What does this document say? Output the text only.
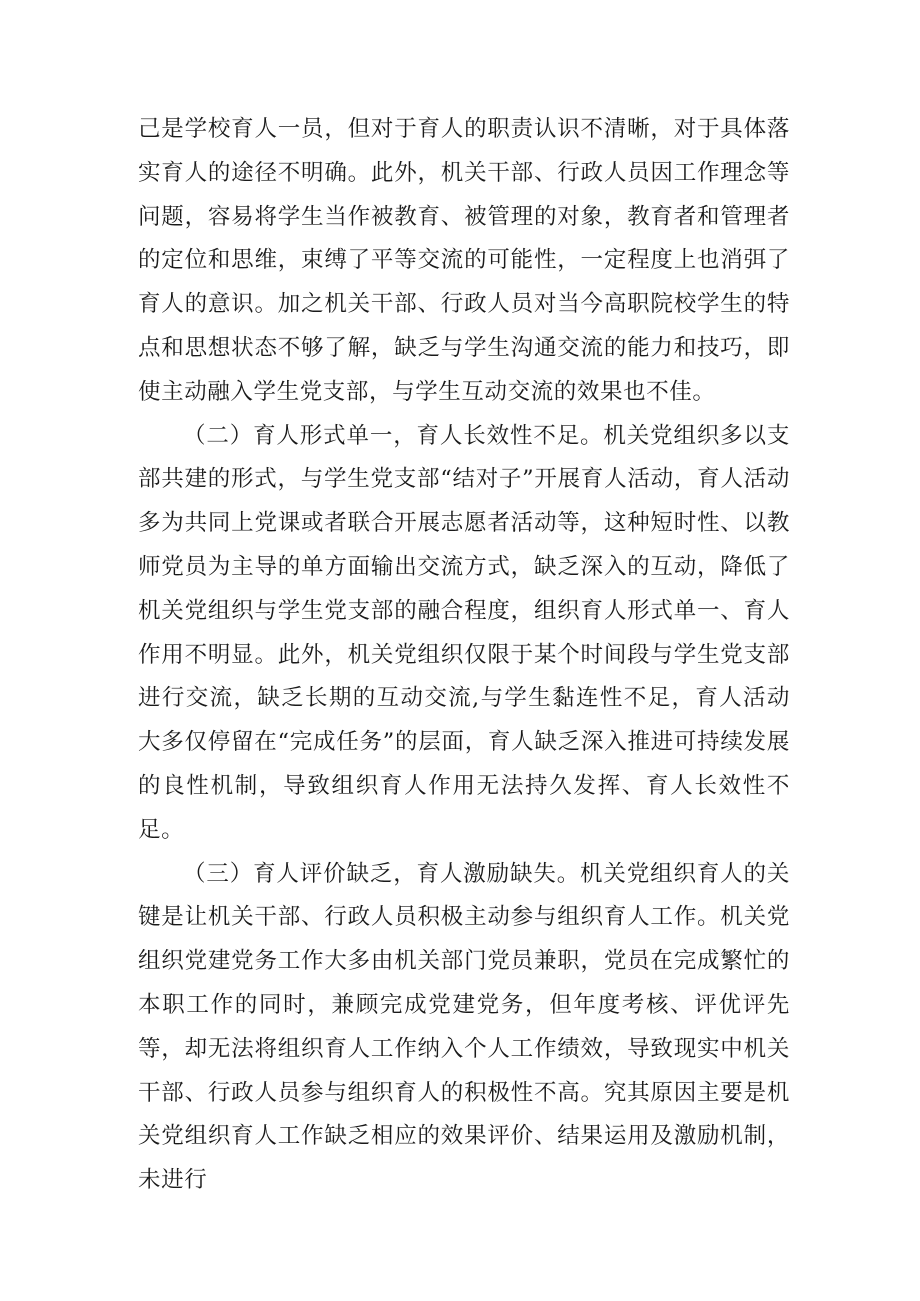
己是学校育人一员，但对于育人的职责认识不清晰，对于具体落实育人的途径不明确。此外，机关干部、行政人员因工作理念等问题，容易将学生当作被教育、被管理的对象，教育者和管理者的定位和思维，束缚了平等交流的可能性，一定程度上也消弭了育人的意识。加之机关干部、行政人员对当今高职院校学生的特点和思想状态不够了解，缺乏与学生沟通交流的能力和技巧，即使主动融入学生党支部，与学生互动交流的效果也不佳。

（二）育人形式单一，育人长效性不足。机关党组织多以支部共建的形式，与学生党支部“结对子”开展育人活动，育人活动多为共同上党课或者联合开展志愿者活动等，这种短时性、以教师党员为主导的单方面输出交流方式，缺乏深入的互动，降低了机关党组织与学生党支部的融合程度，组织育人形式单一、育人作用不明显。此外，机关党组织仅限于某个时间段与学生党支部进行交流，缺乏长期的互动交流,与学生黏连性不足，育人活动大多仅停留在“完成任务”的层面，育人缺乏深入推进可持续发展的良性机制，导致组织育人作用无法持久发挥、育人长效性不足。

（三）育人评价缺乏，育人激励缺失。机关党组织育人的关键是让机关干部、行政人员积极主动参与组织育人工作。机关党组织党建党务工作大多由机关部门党员兼职，党员在完成繁忙的本职工作的同时，兼顾完成党建党务，但年度考核、评优评先等，却无法将组织育人工作纳入个人工作绩效，导致现实中机关干部、行政人员参与组织育人的积极性不高。究其原因主要是机关党组织育人工作缺乏相应的效果评价、结果运用及激励机制，未进行
